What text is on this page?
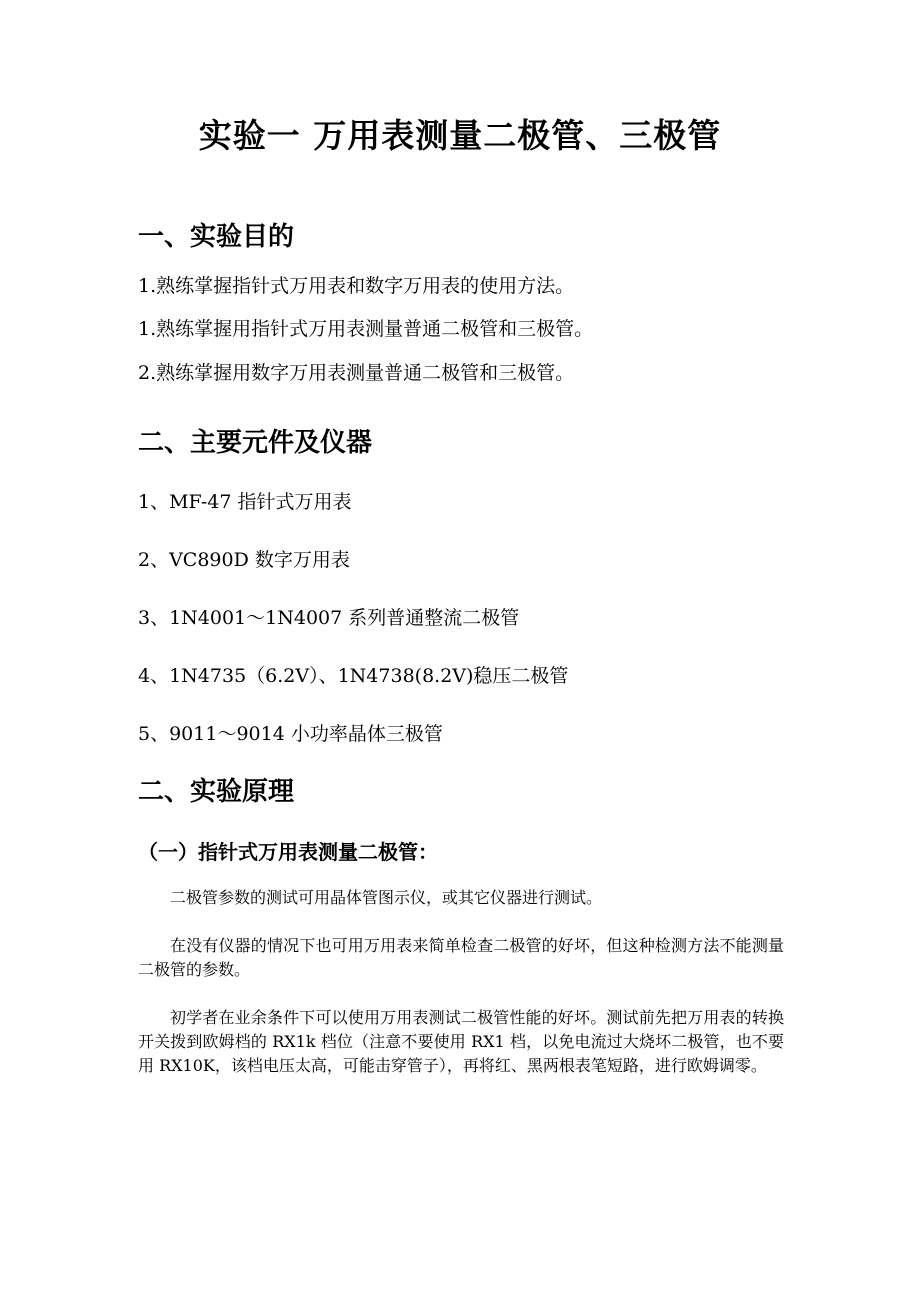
实验一 万用表测量二极管、三极管
一、实验目的

1.熟练掌握指针式万用表和数字万用表的使用方法。

1.熟练掌握用指针式万用表测量普通二极管和三极管。

2.熟练掌握用数字万用表测量普通二极管和三极管。

二、主要元件及仪器

1、MF-47 指针式万用表

2、VC890D 数字万用表

3、1N4001～1N4007 系列普通整流二极管

4、1N4735（6.2V）、1N4738(8.2V)稳压二极管

5、9011～9014 小功率晶体三极管

二、实验原理
（一）指针式万用表测量二极管：

二极管参数的测试可用晶体管图示仪，或其它仪器进行测试。

在没有仪器的情况下也可用万用表来简单检查二极管的好坏，但这种检测方法不能测量二极管的参数。

初学者在业余条件下可以使用万用表测试二极管性能的好坏。测试前先把万用表的转换开关拨到欧姆档的 RX1k 档位（注意不要使用 RX1 档，以免电流过大烧坏二极管，也不要用 RX10K，该档电压太高，可能击穿管子），再将红、黑两根表笔短路，进行欧姆调零。
